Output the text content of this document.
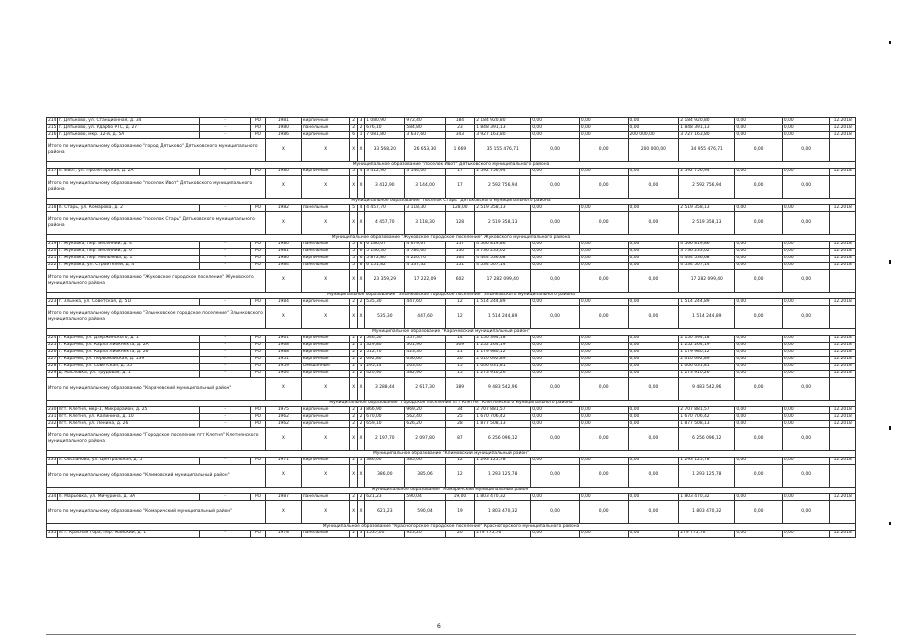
214	г. Дятьково, ул. Станционная, д. 34	-	РО	1981	кирпичные	2	3	1 080,90	972,40	184	2 184 920,80	0,00	0,00	0,00	2 184 920,80	0,00	0,00	12.2018
215	г. Дятьково, ул. Ударбо РТС, д. 27	-	РО	1980	панельные	2	2	676,10	584,80	23	1 848 391,13	0,00	0,00	0,00	1 848 391,13	0,00	0,00	12.2018
216	г. Дятьково, мкр. 12-й, д. 5А	-	РО	1986	кирпичные	6	1	7 081,80	3 637,60	343	3 927 163,80	0,00	0,00	200 000,00	3 727 163,80	0,00	0,00	12.2018
Итого по муниципальному образованию "город Дятьково" Дятьковского муниципального района				X	X	X	X	33 568,20	26 653,30	1 669	35 155 476,71	0,00	0,00	200 000,00	34 955 476,71	0,00	0,00	
Муниципальное образование "поселок Ивот" Дятьковского муниципального района																		
217	п. Ивот, ул. Пролетарская, д. 2А	-	РО	1980	кирпичные	5	4	3 412,90	3 144,00	17	2 592 756,94	0,00	0,00	0,00	2 592 756,94	0,00	0,00	12.2018
Итого по муниципальному образованию "поселок Ивот" Дятьковского муниципального района				X	X	X	X	3 412,90	3 144,00	17	2 592 756,94	0,00	0,00	0,00	2 592 756,94	0,00	0,00	
Муниципальное образование "поселок Старь" Дятьковского муниципального района																		
218	п. Старь, ул. Комарова, д. 2	-	РО	1982	панельные	5	4	4 457,70	3 118,30	128,00	2 519 358,13	0,00	0,00	0,00	2 519 358,13	0,00	0,00	12.2018
Итого по муниципальному образованию "поселок Старь" Дятьковского муниципального района				X	X	X	X	4 457,70	3 118,30	128	2 519 358,13	0,00	0,00	0,00	2 519 358,13	0,00	0,00	
Муниципальное образование "Жуковское городское поселение" Жуковского муниципального района																		
219	г. Жуковка, пер. Весенний, д. 4	-	РО	1980	панельные	5	6	6 186,67	4 679,67	157	4 566 819,86	0,00	0,00	0,00	4 566 819,86	0,00	0,00	12.2018
220	г. Жуковка, пер. Весенний, д. 6	-	РО	1981	панельные	5	6	5 146,30	3 784,60	130	3 736 233,02	0,00	0,00	0,00	3 736 233,02	0,00	0,00	12.2018
221	г. Жуковка, пер. Мильяева, д. 1	-	РО	1980	кирпичные	5	6	5 872,80	4 220,70	164	4 444 536,68	0,00	0,00	0,00	4 444 536,68	0,00	0,00	12.2018
222	г. Жуковка, ул. Строителей, д. 4	-	РО	1984	панельные	5	6	6 151,82	4 537,32	151	4 534 507,14	0,00	0,00	0,00	4 534 507,14	0,00	0,00	12.2018
Итого по муниципальному образованию "Жуковское городское поселение" Жуковского муниципального района				X	X	X	X	23 359,29	17 222,09	602	17 282 099,40	0,00	0,00	0,00	17 282 099,40	0,00	0,00	
Муниципальное образование "Злынковское городское поселение" Злынковского муниципального района																		
223	г. Злынка, ул. Советская, д. 51Г	-	РО	1984	кирпичные	2	2	535,30	447,60	12	1 514 244,89	0,00	0,00	0,00	1 514 244,89	0,00	0,00	12.2018
Итого по муниципальному образованию "Злынковское городское поселение" Злынковского муниципального района				X	X	X	X	535,30	447,60	12	1 514 244,89	0,00	0,00	0,00	1 514 244,89	0,00	0,00	
Муниципальное образование "Карачевский муниципальный район"																		
224	г. Карачев, ул. Дзержинского, д. 1	-	РО	1961	кирпичные	2	2	546,50	557,30	14	2 150 394,18	0,00	0,00	0,00	2 150 394,18	0,00	0,00	12.2018
225	г. Карачев, ул. Карла Либкнехта, д. 2А	-	РО	1968	кирпичные	2	1	329,80	301,90	309	1 252 264,19	0,00	0,00	0,00	1 252 264,19	0,00	0,00	12.2018
226	г. Карачев, ул. Карла Либкнехта, д. 26	-	РО	1988	кирпичные	2	2	512,70	423,30	21	1 179 980,12	0,00	0,00	0,00	1 179 980,12	0,00	0,00	12.2018
227	г. Карачев, ул. Первомайская, д. 139	-	РО	1951	кирпичные	2	2	692,80	636,60	20	2 010 692,89	0,00	0,00	0,00	2 010 692,89	0,00	0,00	12.2018
228	г. Карачев, ул. Советская, д. 55	-	РО	1959	смешанные	2	1	295,14	263,40	15	1 006 631,81	0,00	0,00	0,00	1 006 631,81	0,00	0,00	12.2018
229	д. Масловка, ул. Трудовая, д. 1	-	РО	1964	кирпичные	2	2	420,90	382,90	15	1 273 910,26	0,00	0,00	0,00	1 273 910,26	0,00	0,00	12.2018
Итого по муниципальному образованию "Карачевский муниципальный район"				X	X	X	X	3 288,44	2 617,30	389	9 483 542,96	0,00	0,00	0,00	9 483 542,96	0,00	0,00	
Муниципальное образование "Городское поселение пгт Клетня" Клетнянского муниципального района																		
230	пгт. Клетня, мкр-1, Микрорайон, д. 25	-	РО	1975	кирпичные	2	3	866,90	969,20	34	2 707 881,57	0,00	0,00	0,00	2 707 881,57	0,00	0,00	12.2018
231	пгт. Клетня, ул. Калинина, д. 10	-	РО	1962	кирпичные	2	2	670,00	562,40	25	1 670 706,42	0,00	0,00	0,00	1 670 706,42	0,00	0,00	12.2018
232	пгт. Клетня, ул. Ленина, д. 26	-	РО	1962	кирпичные	2	2	659,10	626,20	28	1 877 508,13	0,00	0,00	0,00	1 877 508,13	0,00	0,00	12.2018
Итого по муниципальному образованию "Городское поселение пгт Клетня" Клетнянского муниципального района				X	X	X	X	2 197,70	2 097,80	87	6 256 096,12	0,00	0,00	0,00	6 256 096,12	0,00	0,00	
Муниципальное образование "Климовский муниципальный район"																		
233	п. Обсланово, ул. Центральная, д. 5	-	РО	1971	кирпичные	2	1	386,00	385,06	12	1 293 125,78	0,00	0,00	0,00	1 293 125,78	0,00	0,00	12.2018
Итого по муниципальному образованию "Климовский муниципальный район"				X	X	X	X	386,00	385,06	12	1 293 125,78	0,00	0,00	0,00	1 293 125,78	0,00	0,00	
Муниципальное образование "Комаричский муниципальный район"																		
234	п. Марьевка, ул. Мичурина, д. 3А	-	РО	1987	панельные	2	2	621,23	590,04	19,00	1 803 470,32	0,00	0,00	0,00	1 803 470,32	0,00	0,00	12.2018
Итого по муниципальному образованию "Комаричский муниципальный район"				X	X	X	X	621,23	590,04	19	1 803 470,32	0,00	0,00	0,00	1 803 470,32	0,00	0,00	
Муниципальное образование "Красногорское городское поселение" Красногорского муниципального района																		
235	пгт. Красная Гора, пер. Майский, д. 1	-	РО	1978	панельные	2	3	1537,00	923,20	20	279 775,76	0,00	0,00	0,00	279 775,76	0,00	0,00	12.2018
6
